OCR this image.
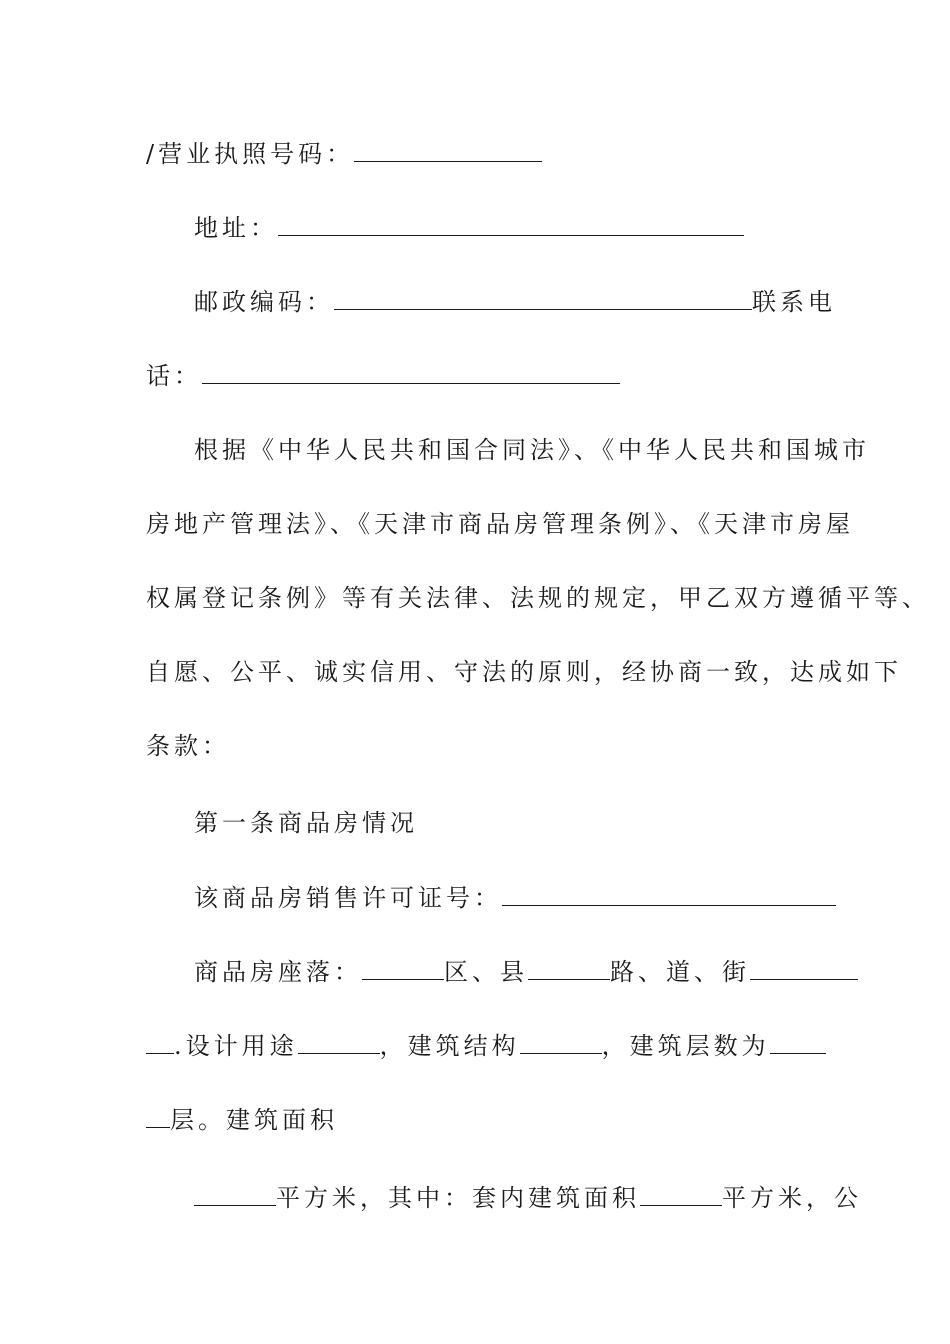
/营业执照号码：
地址：
邮政编码：	联系电
话：
根据《中华人民共和国合同法》、《中华人民共和国城市
房地产管理法》、《天津市商品房管理条例》、《天津市房屋
权属登记条例》等有关法律、法规的规定，甲乙双方遵循平等、
自愿、公平、诚实信用、守法的原则，经协商一致，达成如下
条款：
第一条商品房情况
该商品房销售许可证号：
商品房座落：	区、县	路、道、街
.设计用途	，建筑结构	，建筑层数为
层。建筑面积
平方米，其中：套内建筑面积	平方米，公
